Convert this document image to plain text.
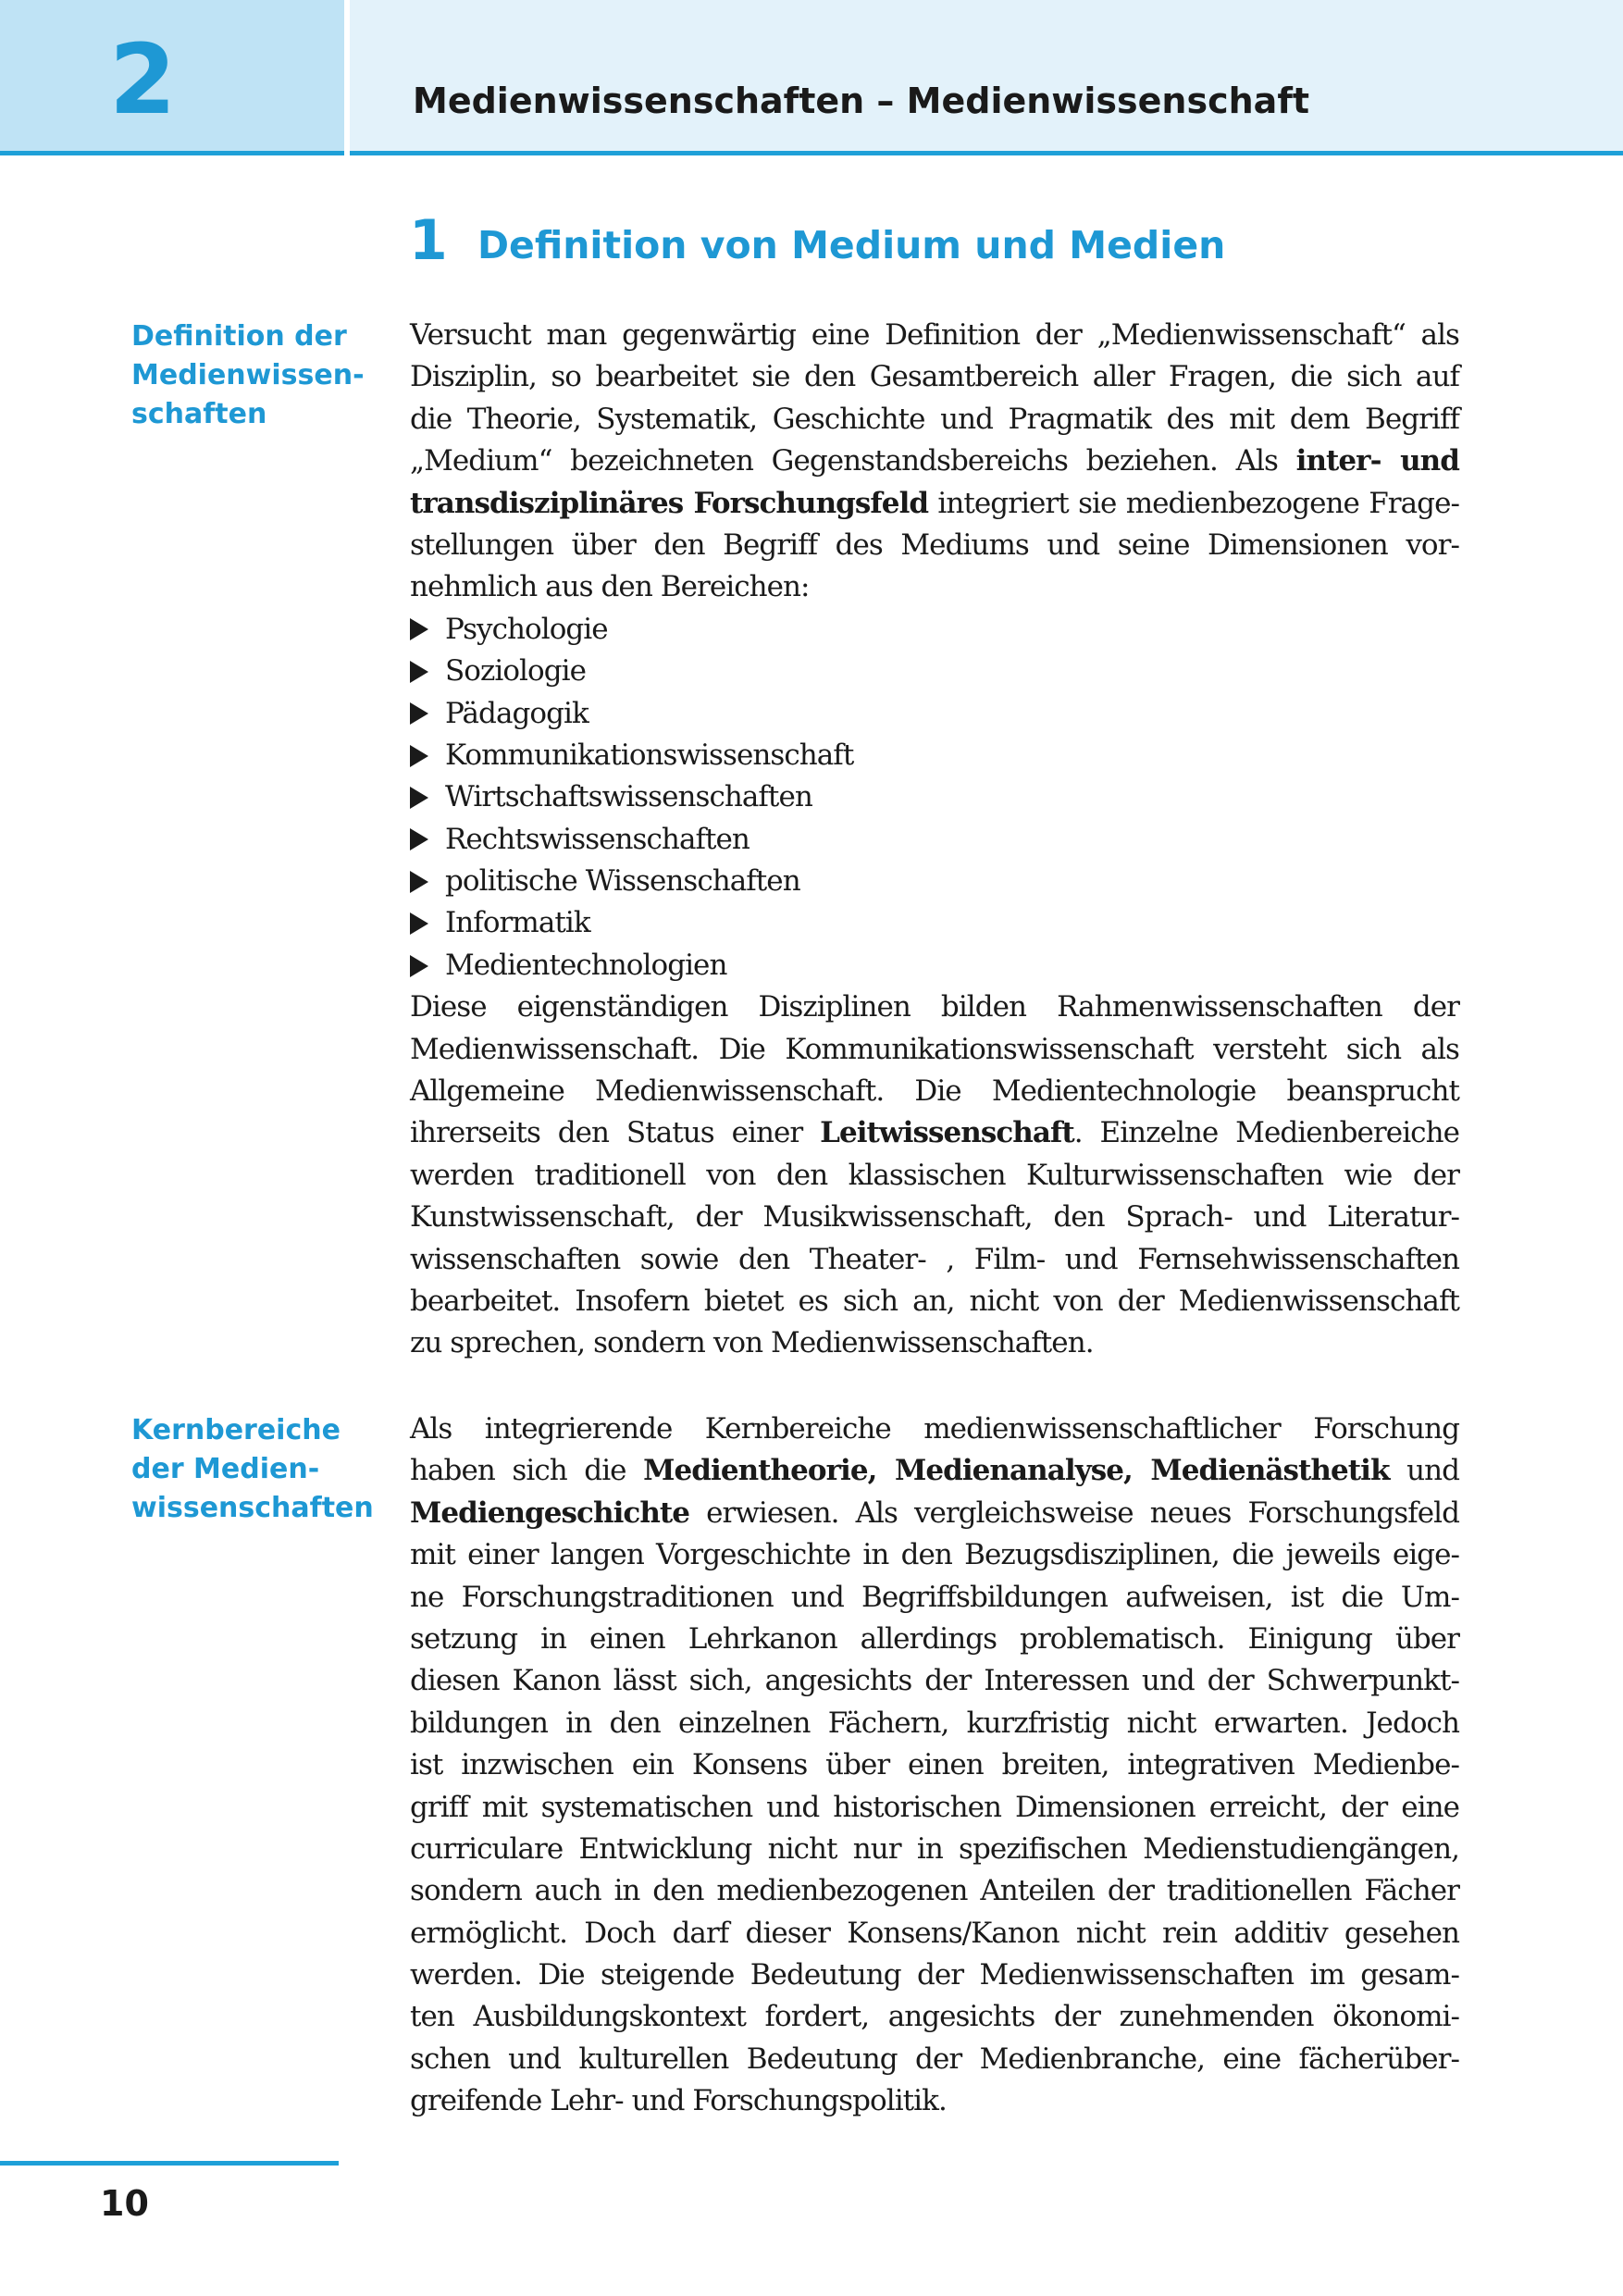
2	Medienwissenschaften – Medienwissenschaft
1 Definition von Medium und Medien
Definition der
Medienwissen-
schaften
Kernbereiche
der Medien-
wissenschaften
Versucht man gegenwärtig eine Definition der „Medienwissenschaft“ als
Disziplin, so bearbeitet sie den Gesamtbereich aller Fragen, die sich auf
die Theorie, Systematik, Geschichte und Pragmatik des mit dem Begriff
„Medium“ bezeichneten Gegenstandsbereichs beziehen. Als inter- und
transdisziplinäres Forschungsfeld integriert sie medienbezogene Frage-
stellungen über den Begriff des Mediums und seine Dimensionen vor-
nehmlich aus den Bereichen:
Psychologie
Soziologie
Pädagogik
Kommunikationswissenschaft
Wirtschaftswissenschaften
Rechtswissenschaften
politische Wissenschaften
Informatik
Medientechnologien
Diese eigenständigen Disziplinen bilden Rahmenwissenschaften der
Medienwissenschaft. Die Kommunikationswissenschaft versteht sich als
Allgemeine Medienwissenschaft. Die Medientechnologie beansprucht
ihrerseits den Status einer Leitwissenschaft. Einzelne Medienbereiche
werden traditionell von den klassischen Kulturwissenschaften wie der
Kunstwissenschaft, der Musikwissenschaft, den Sprach- und Literatur-
wissenschaften sowie den Theater- , Film- und Fernsehwissenschaften
bearbeitet. Insofern bietet es sich an, nicht von der Medienwissenschaft
zu sprechen, sondern von Medienwissenschaften.
Als integrierende Kernbereiche medienwissenschaftlicher Forschung
haben sich die Medientheorie, Medienanalyse, Medienästhetik und
Mediengeschichte erwiesen. Als vergleichsweise neues Forschungsfeld
mit einer langen Vorgeschichte in den Bezugsdisziplinen, die jeweils eige-
ne Forschungstraditionen und Begriffsbildungen aufweisen, ist die Um-
setzung in einen Lehrkanon allerdings problematisch. Einigung über
diesen Kanon lässt sich, angesichts der Interessen und der Schwerpunkt-
bildungen in den einzelnen Fächern, kurzfristig nicht erwarten. Jedoch
ist inzwischen ein Konsens über einen breiten, integrativen Medienbe-
griff mit systematischen und historischen Dimensionen erreicht, der eine
curriculare Entwicklung nicht nur in spezifischen Medienstudiengängen,
sondern auch in den medienbezogenen Anteilen der traditionellen Fächer
ermöglicht. Doch darf dieser Konsens/Kanon nicht rein additiv gesehen
werden. Die steigende Bedeutung der Medienwissenschaften im gesam-
ten Ausbildungskontext fordert, angesichts der zunehmenden ökonomi-
schen und kulturellen Bedeutung der Medienbranche, eine fächerüber-
greifende Lehr- und Forschungspolitik.
10
